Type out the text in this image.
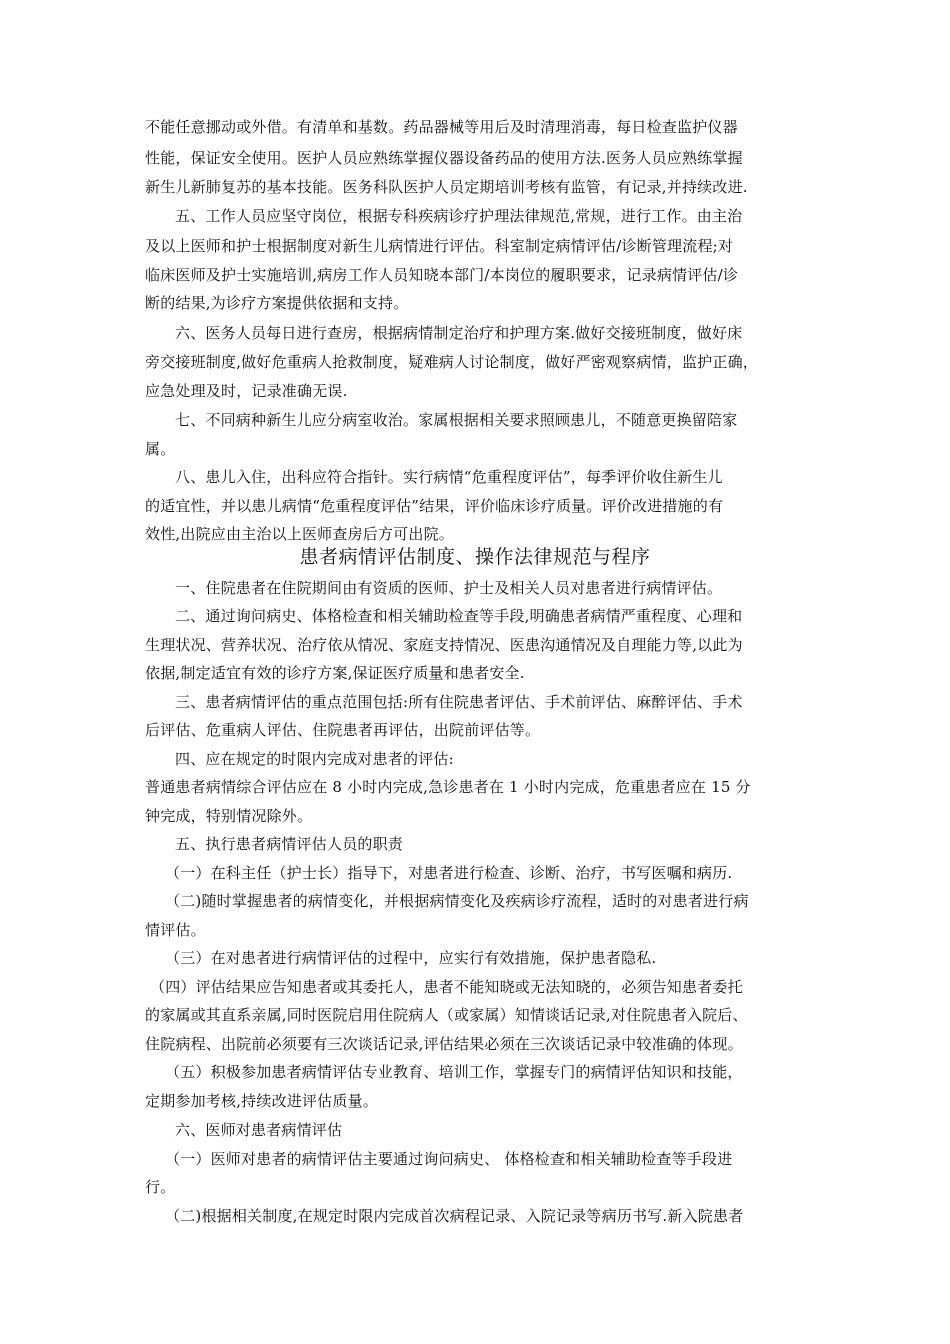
不能任意挪动或外借。有清单和基数。药品器械等用后及时清理消毒，每日检查监护仪器
性能，保证安全使用。医护人员应熟练掌握仪器设备药品的使用方法.医务人员应熟练掌握
新生儿新肺复苏的基本技能。医务科队医护人员定期培训考核有监管，有记录,并持续改进.
五、工作人员应坚守岗位，根据专科疾病诊疗护理法律规范,常规，进行工作。由主治
及以上医师和护士根据制度对新生儿病情进行评估。科室制定病情评估/诊断管理流程;对
临床医师及护士实施培训,病房工作人员知晓本部门/本岗位的履职要求，记录病情评估/诊
断的结果,为诊疗方案提供依据和支持。
六、医务人员每日进行查房，根据病情制定治疗和护理方案.做好交接班制度，做好床
旁交接班制度,做好危重病人抢救制度，疑难病人讨论制度，做好严密观察病情，监护正确，
应急处理及时，记录准确无误.
七、不同病种新生儿应分病室收治。家属根据相关要求照顾患儿，不随意更换留陪家
属。
八、患儿入住，出科应符合指针。实行病情“危重程度评估”，每季评价收住新生儿
的适宜性，并以患儿病情“危重程度评估”结果，评价临床诊疗质量。评价改进措施的有
效性,出院应由主治以上医师查房后方可出院。
患者病情评估制度、操作法律规范与程序
一、住院患者在住院期间由有资质的医师、护士及相关人员对患者进行病情评估。
二、通过询问病史、体格检查和相关辅助检查等手段,明确患者病情严重程度、心理和
生理状况、营养状况、治疗依从情况、家庭支持情况、医患沟通情况及自理能力等,以此为
依据,制定适宜有效的诊疗方案,保证医疗质量和患者安全.
三、患者病情评估的重点范围包括:所有住院患者评估、手术前评估、麻醉评估、手术
后评估、危重病人评估、住院患者再评估，出院前评估等。
四、应在规定的时限内完成对患者的评估:
普通患者病情综合评估应在 8 小时内完成,急诊患者在 1 小时内完成，危重患者应在 15 分
钟完成，特别情况除外。
五、执行患者病情评估人员的职责
（一）在科主任（护士长）指导下，对患者进行检查、诊断、治疗，书写医嘱和病历.
（二)随时掌握患者的病情变化，并根据病情变化及疾病诊疗流程，适时的对患者进行病
情评估。
（三）在对患者进行病情评估的过程中，应实行有效措施，保护患者隐私.
（四）评估结果应告知患者或其委托人，患者不能知晓或无法知晓的，必须告知患者委托
的家属或其直系亲属,同时医院启用住院病人（或家属）知情谈话记录,对住院患者入院后、
住院病程、出院前必须要有三次谈话记录,评估结果必须在三次谈话记录中较准确的体现。
（五）积极参加患者病情评估专业教育、培训工作，掌握专门的病情评估知识和技能，
定期参加考核,持续改进评估质量。
六、医师对患者病情评估
（一）医师对患者的病情评估主要通过询问病史、 体格检查和相关辅助检查等手段进
行。
（二)根据相关制度,在规定时限内完成首次病程记录、入院记录等病历书写.新入院患者
